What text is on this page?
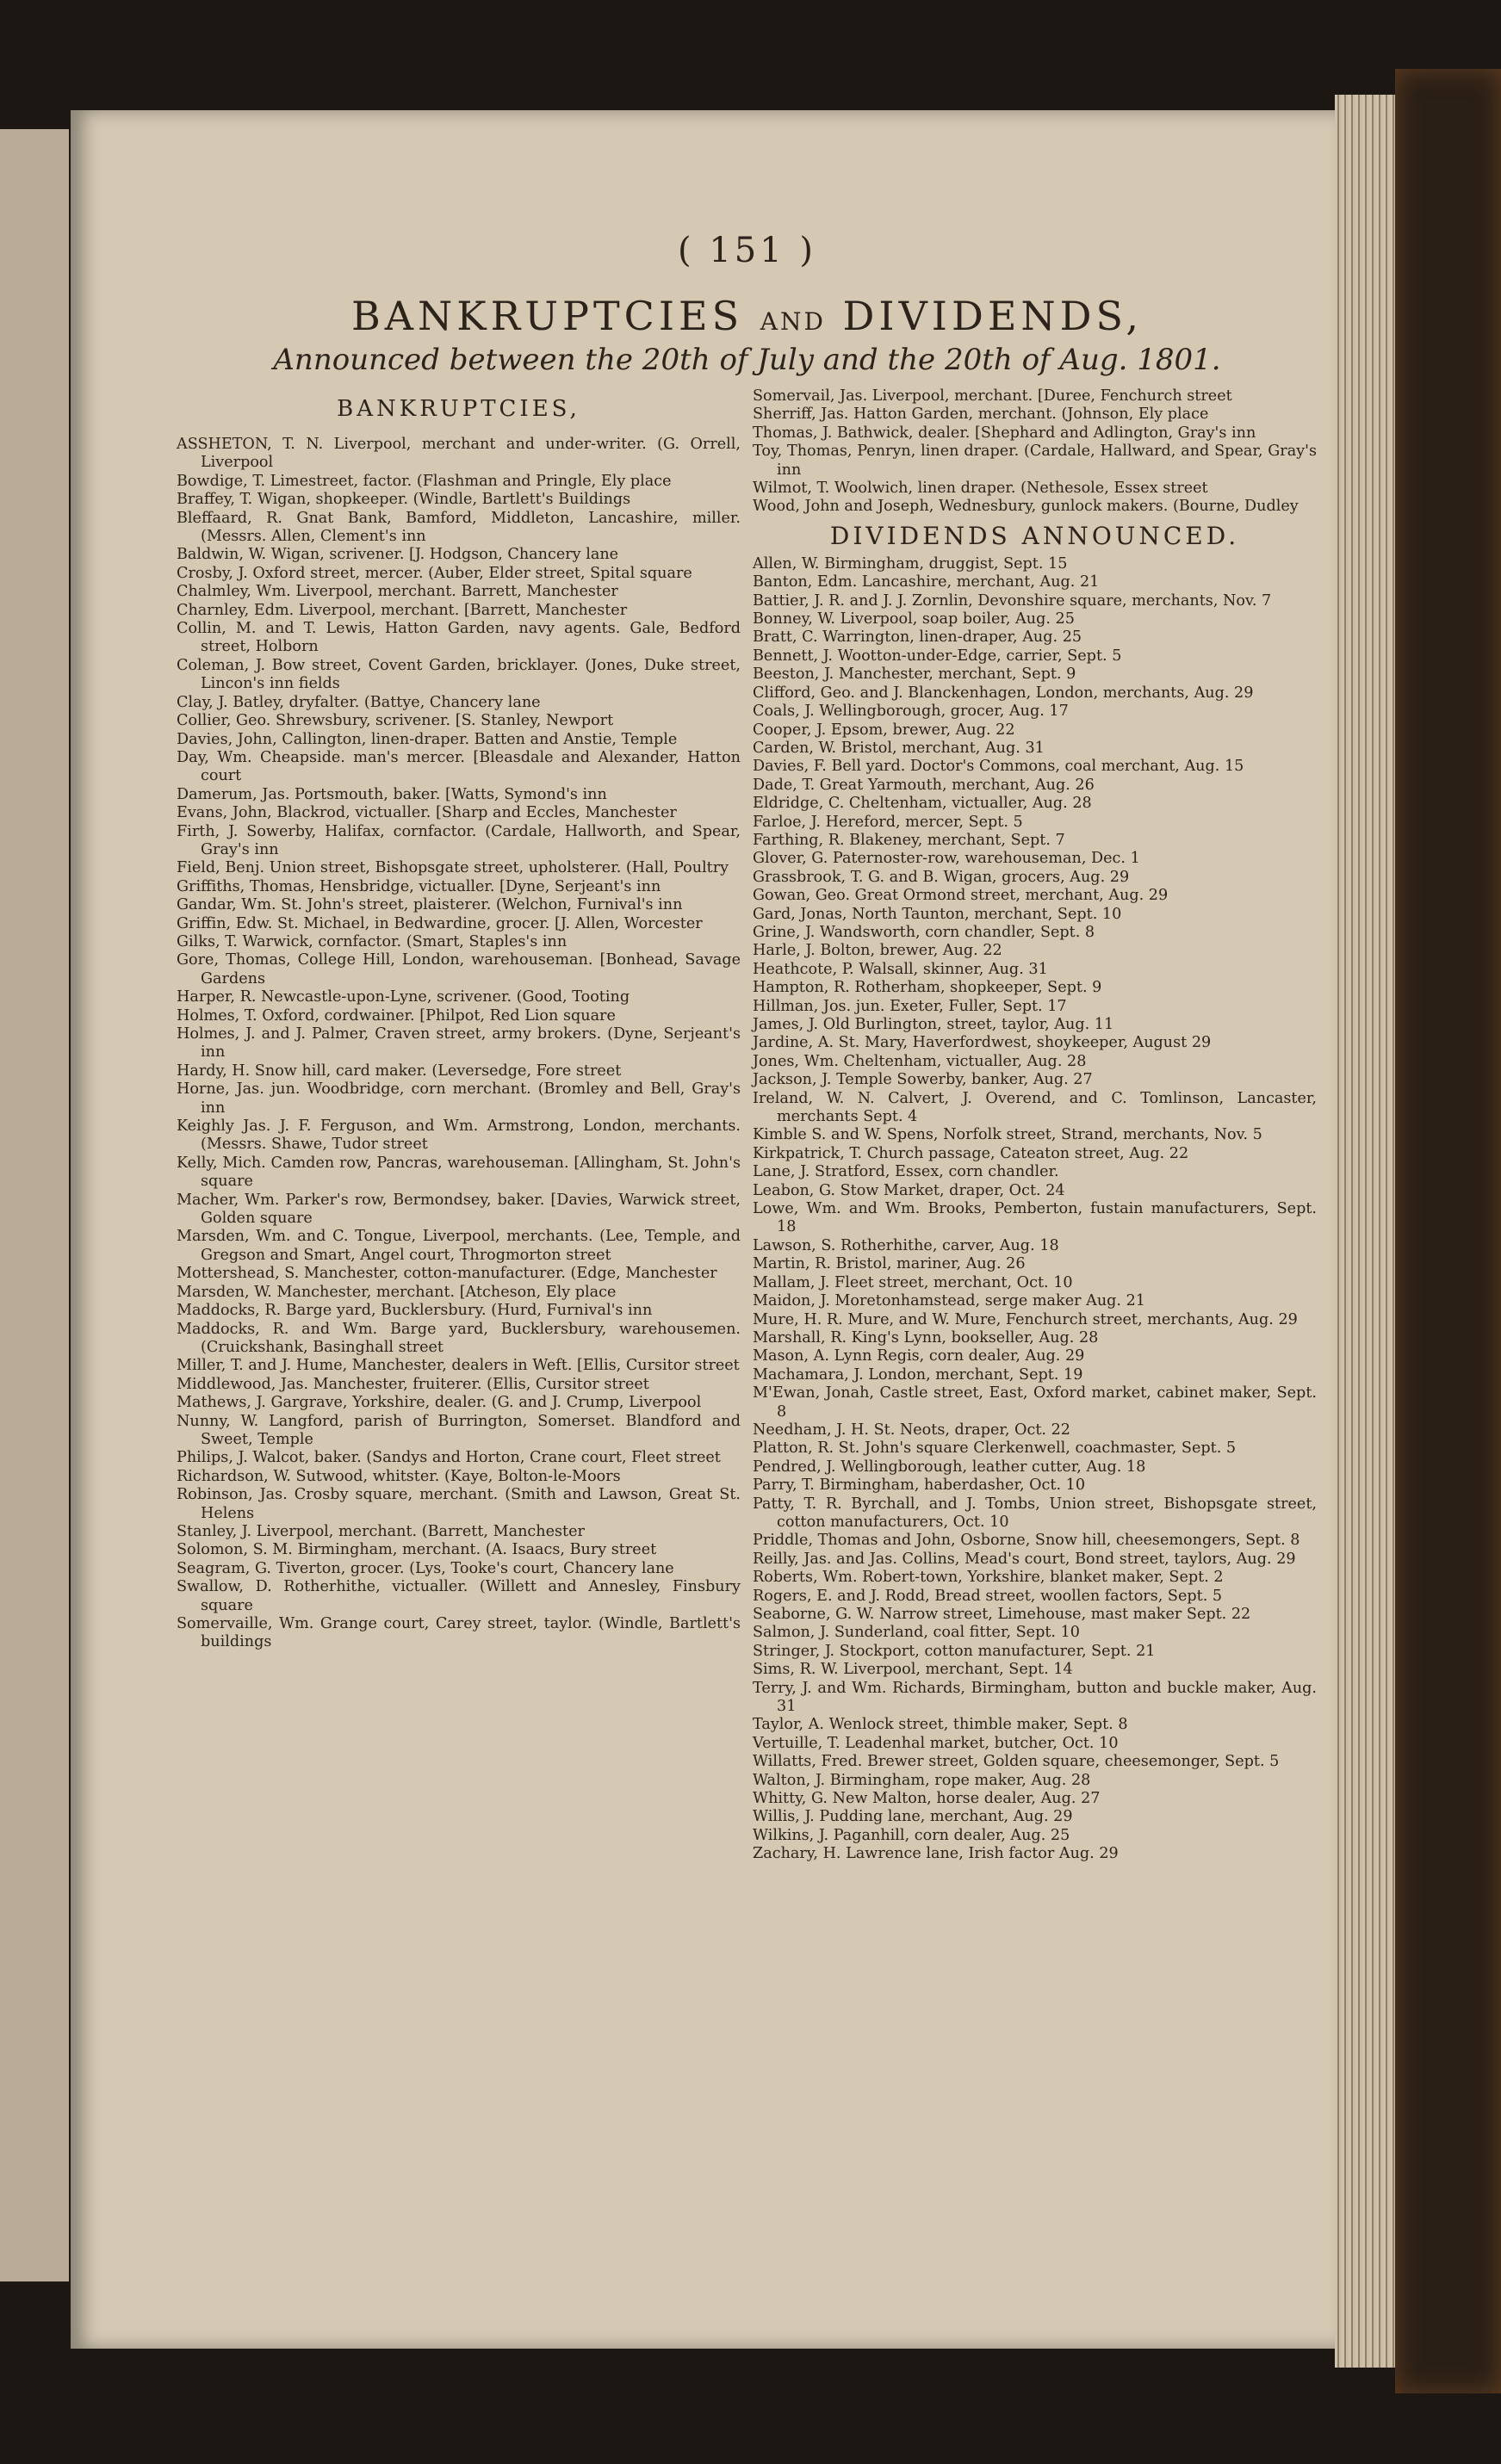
( 151 )
BANKRUPTCIES AND DIVIDENDS,
Announced between the 20th of July and the 20th of Aug. 1801.
BANKRUPTCIES,

ASSHETON, T. N. Liverpool, merchant and under-writer. (G. Orrell, Liverpool

Bowdige, T. Limestreet, factor. (Flashman and Pringle, Ely place

Braffey, T. Wigan, shopkeeper. (Windle, Bartlett's Buildings

Bleffaard, R. Gnat Bank, Bamford, Middleton, Lancashire, miller. (Messrs. Allen, Clement's inn

Baldwin, W. Wigan, scrivener. [J. Hodgson, Chancery lane

Crosby, J. Oxford street, mercer. (Auber, Elder street, Spital square

Chalmley, Wm. Liverpool, merchant. Barrett, Manchester

Charnley, Edm. Liverpool, merchant. [Barrett, Manchester

Collin, M. and T. Lewis, Hatton Garden, navy agents. Gale, Bedford street, Holborn

Coleman, J. Bow street, Covent Garden, bricklayer. (Jones, Duke street, Lincon's inn fields

Clay, J. Batley, dryfalter. (Battye, Chancery lane

Collier, Geo. Shrewsbury, scrivener. [S. Stanley, Newport

Davies, John, Callington, linen-draper. Batten and Anstie, Temple

Day, Wm. Cheapside. man's mercer. [Bleasdale and Alexander, Hatton court

Damerum, Jas. Portsmouth, baker. [Watts, Symond's inn

Evans, John, Blackrod, victualler. [Sharp and Eccles, Manchester

Firth, J. Sowerby, Halifax, cornfactor. (Cardale, Hallworth, and Spear, Gray's inn

Field, Benj. Union street, Bishopsgate street, upholsterer. (Hall, Poultry

Griffiths, Thomas, Hensbridge, victualler. [Dyne, Serjeant's inn

Gandar, Wm. St. John's street, plaisterer. (Welchon, Furnival's inn

Griffin, Edw. St. Michael, in Bedwardine, grocer. [J. Allen, Worcester

Gilks, T. Warwick, cornfactor. (Smart, Staples's inn

Gore, Thomas, College Hill, London, warehouseman. [Bonhead, Savage Gardens

Harper, R. Newcastle-upon-Lyne, scrivener. (Good, Tooting

Holmes, T. Oxford, cordwainer. [Philpot, Red Lion square

Holmes, J. and J. Palmer, Craven street, army brokers. (Dyne, Serjeant's inn

Hardy, H. Snow hill, card maker. (Leversedge, Fore street

Horne, Jas. jun. Woodbridge, corn merchant. (Bromley and Bell, Gray's inn

Keighly Jas. J. F. Ferguson, and Wm. Armstrong, London, merchants. (Messrs. Shawe, Tudor street

Kelly, Mich. Camden row, Pancras, warehouseman. [Allingham, St. John's square

Macher, Wm. Parker's row, Bermondsey, baker. [Davies, Warwick street, Golden square

Marsden, Wm. and C. Tongue, Liverpool, merchants. (Lee, Temple, and Gregson and Smart, Angel court, Throgmorton street

Mottershead, S. Manchester, cotton-manufacturer. (Edge, Manchester

Marsden, W. Manchester, merchant. [Atcheson, Ely place

Maddocks, R. Barge yard, Bucklersbury. (Hurd, Furnival's inn

Maddocks, R. and Wm. Barge yard, Bucklersbury, warehousemen. (Cruickshank, Basinghall street

Miller, T. and J. Hume, Manchester, dealers in Weft. [Ellis, Cursitor street

Middlewood, Jas. Manchester, fruiterer. (Ellis, Cursitor street

Mathews, J. Gargrave, Yorkshire, dealer. (G. and J. Crump, Liverpool

Nunny, W. Langford, parish of Burrington, Somerset. Blandford and Sweet, Temple

Philips, J. Walcot, baker. (Sandys and Horton, Crane court, Fleet street

Richardson, W. Sutwood, whitster. (Kaye, Bolton-le-Moors

Robinson, Jas. Crosby square, merchant. (Smith and Lawson, Great St. Helens

Stanley, J. Liverpool, merchant. (Barrett, Manchester

Solomon, S. M. Birmingham, merchant. (A. Isaacs, Bury street

Seagram, G. Tiverton, grocer. (Lys, Tooke's court, Chancery lane

Swallow, D. Rotherhithe, victualler. (Willett and Annesley, Finsbury square

Somervaille, Wm. Grange court, Carey street, taylor. (Windle, Bartlett's buildings

Somervail, Jas. Liverpool, merchant. [Duree, Fenchurch street

Sherriff, Jas. Hatton Garden, merchant. (Johnson, Ely place

Thomas, J. Bathwick, dealer. [Shephard and Adlington, Gray's inn

Toy, Thomas, Penryn, linen draper. (Cardale, Hallward, and Spear, Gray's inn

Wilmot, T. Woolwich, linen draper. (Nethesole, Essex street

Wood, John and Joseph, Wednesbury, gunlock makers. (Bourne, Dudley

DIVIDENDS ANNOUNCED.

Allen, W. Birmingham, druggist, Sept. 15

Banton, Edm. Lancashire, merchant, Aug. 21

Battier, J. R. and J. J. Zornlin, Devonshire square, merchants, Nov. 7

Bonney, W. Liverpool, soap boiler, Aug. 25

Bratt, C. Warrington, linen-draper, Aug. 25

Bennett, J. Wootton-under-Edge, carrier, Sept. 5

Beeston, J. Manchester, merchant, Sept. 9

Clifford, Geo. and J. Blanckenhagen, London, merchants, Aug. 29

Coals, J. Wellingborough, grocer, Aug. 17

Cooper, J. Epsom, brewer, Aug. 22

Carden, W. Bristol, merchant, Aug. 31

Davies, F. Bell yard. Doctor's Commons, coal merchant, Aug. 15

Dade, T. Great Yarmouth, merchant, Aug. 26

Eldridge, C. Cheltenham, victualler, Aug. 28

Farloe, J. Hereford, mercer, Sept. 5

Farthing, R. Blakeney, merchant, Sept. 7

Glover, G. Paternoster-row, warehouseman, Dec. 1

Grassbrook, T. G. and B. Wigan, grocers, Aug. 29

Gowan, Geo. Great Ormond street, merchant, Aug. 29

Gard, Jonas, North Taunton, merchant, Sept. 10

Grine, J. Wandsworth, corn chandler, Sept. 8

Harle, J. Bolton, brewer, Aug. 22

Heathcote, P. Walsall, skinner, Aug. 31

Hampton, R. Rotherham, shopkeeper, Sept. 9

Hillman, Jos. jun. Exeter, Fuller, Sept. 17

James, J. Old Burlington, street, taylor, Aug. 11

Jardine, A. St. Mary, Haverfordwest, shoykeeper, August 29

Jones, Wm. Cheltenham, victualler, Aug. 28

Jackson, J. Temple Sowerby, banker, Aug. 27

Ireland, W. N. Calvert, J. Overend, and C. Tomlinson, Lancaster, merchants Sept. 4

Kimble S. and W. Spens, Norfolk street, Strand, merchants, Nov. 5

Kirkpatrick, T. Church passage, Cateaton street, Aug. 22

Lane, J. Stratford, Essex, corn chandler.

Leabon, G. Stow Market, draper, Oct. 24

Lowe, Wm. and Wm. Brooks, Pemberton, fustain manufacturers, Sept. 18

Lawson, S. Rotherhithe, carver, Aug. 18

Martin, R. Bristol, mariner, Aug. 26

Mallam, J. Fleet street, merchant, Oct. 10

Maidon, J. Moretonhamstead, serge maker Aug. 21

Mure, H. R. Mure, and W. Mure, Fenchurch street, merchants, Aug. 29

Marshall, R. King's Lynn, bookseller, Aug. 28

Mason, A. Lynn Regis, corn dealer, Aug. 29

Machamara, J. London, merchant, Sept. 19

M'Ewan, Jonah, Castle street, East, Oxford market, cabinet maker, Sept. 8

Needham, J. H. St. Neots, draper, Oct. 22

Platton, R. St. John's square Clerkenwell, coachmaster, Sept. 5

Pendred, J. Wellingborough, leather cutter, Aug. 18

Parry, T. Birmingham, haberdasher, Oct. 10

Patty, T. R. Byrchall, and J. Tombs, Union street, Bishopsgate street, cotton manufacturers, Oct. 10

Priddle, Thomas and John, Osborne, Snow hill, cheesemongers, Sept. 8

Reilly, Jas. and Jas. Collins, Mead's court, Bond street, taylors, Aug. 29

Roberts, Wm. Robert-town, Yorkshire, blanket maker, Sept. 2

Rogers, E. and J. Rodd, Bread street, woollen factors, Sept. 5

Seaborne, G. W. Narrow street, Limehouse, mast maker Sept. 22

Salmon, J. Sunderland, coal fitter, Sept. 10

Stringer, J. Stockport, cotton manufacturer, Sept. 21

Sims, R. W. Liverpool, merchant, Sept. 14

Terry, J. and Wm. Richards, Birmingham, button and buckle maker, Aug. 31

Taylor, A. Wenlock street, thimble maker, Sept. 8

Vertuille, T. Leadenhal market, butcher, Oct. 10

Willatts, Fred. Brewer street, Golden square, cheesemonger, Sept. 5

Walton, J. Birmingham, rope maker, Aug. 28

Whitty, G. New Malton, horse dealer, Aug. 27

Willis, J. Pudding lane, merchant, Aug. 29

Wilkins, J. Paganhill, corn dealer, Aug. 25

Zachary, H. Lawrence lane, Irish factor Aug. 29
